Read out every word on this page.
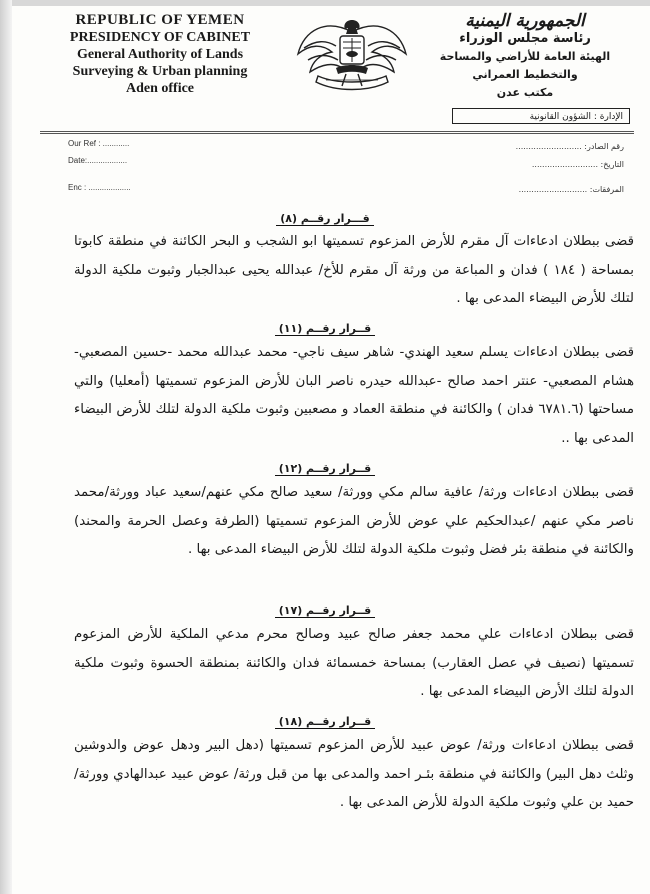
REPUBLIC OF YEMEN
PRESIDENCY OF CABINET
General Authority of Lands
Surveying & Urban planning
Aden office
الجمهورية اليمنية
رئاسة مجلس الوزراء
الهيئة العامة للأراضي والمساحة والتخطيط العمراني
مكتب عدن
الإدارة : الشؤون القانونية
Our Ref : ............
Date:..................
Enc : ...................
رقم الصادر: ..........................
التاريخ: ..........................
المرفقات: ...........................
قـــرار رقــم (٨)
قضى ببطلان ادعاءات آل مقرم للأرض المزعوم تسميتها ابو الشجب و البحر الكائنة في منطقة كابوتا بمساحة ( ١٨٤ ) فدان و المباعة من ورثة آل مقرم للأخ/ عبدالله يحيى عبدالجبار وثبوت ملكية الدولة لتلك للأرض البيضاء المدعى بها .
قــرار رقــم (١١)
قضى ببطلان ادعاءات يسلم سعيد الهندي- شاهر سيف ناجي- محمد عبدالله محمد -حسين المصعبي- هشام المصعبي- عنتر احمد صالح -عبدالله حيدره ناصر البان للأرض المزعوم تسميتها (أمعليا) والتي مساحتها (٦٧٨١.٦ فدان ) والكائنة في منطقة العماد و مصعبين وثبوت ملكية الدولة لتلك للأرض البيضاء المدعى بها ..
قــرار رقــم (١٢)
قضى ببطلان ادعاءات ورثة/ عافية سالم مكي وورثة/ سعيد صالح مكي عنهم/سعيد عباد وورثة/محمد ناصر مكي عنهم /عبدالحكيم علي عوض للأرض المزعوم تسميتها (الطرفة وعصل الحرمة والمحند) والكائنة في منطقة بئر فضل وثبوت ملكية الدولة لتلك للأرض البيضاء المدعى بها .
قــرار رقــم (١٧)
قضى ببطلان ادعاءات علي محمد جعفر صالح عبيد وصالح محرم مدعي الملكية للأرض المزعوم تسميتها (نصيف في عصل العقارب) بمساحة خمسمائة فدان والكائنة بمنطقة الحسوة وثبوت ملكية الدولة لتلك الأرض البيضاء المدعى بها .
قــرار رقــم (١٨)
قضى ببطلان ادعاءات ورثة/ عوض عبيد للأرض المزعوم تسميتها (دهل البير ودهل عوض والدوشين وثلث دهل البير) والكائنة في منطقة بئـر احمد والمدعى بها من قبل ورثة/ عوض عبيد عبدالهادي وورثة/ حميد بن علي وثبوت ملكية الدولة للأرض المدعى بها .
